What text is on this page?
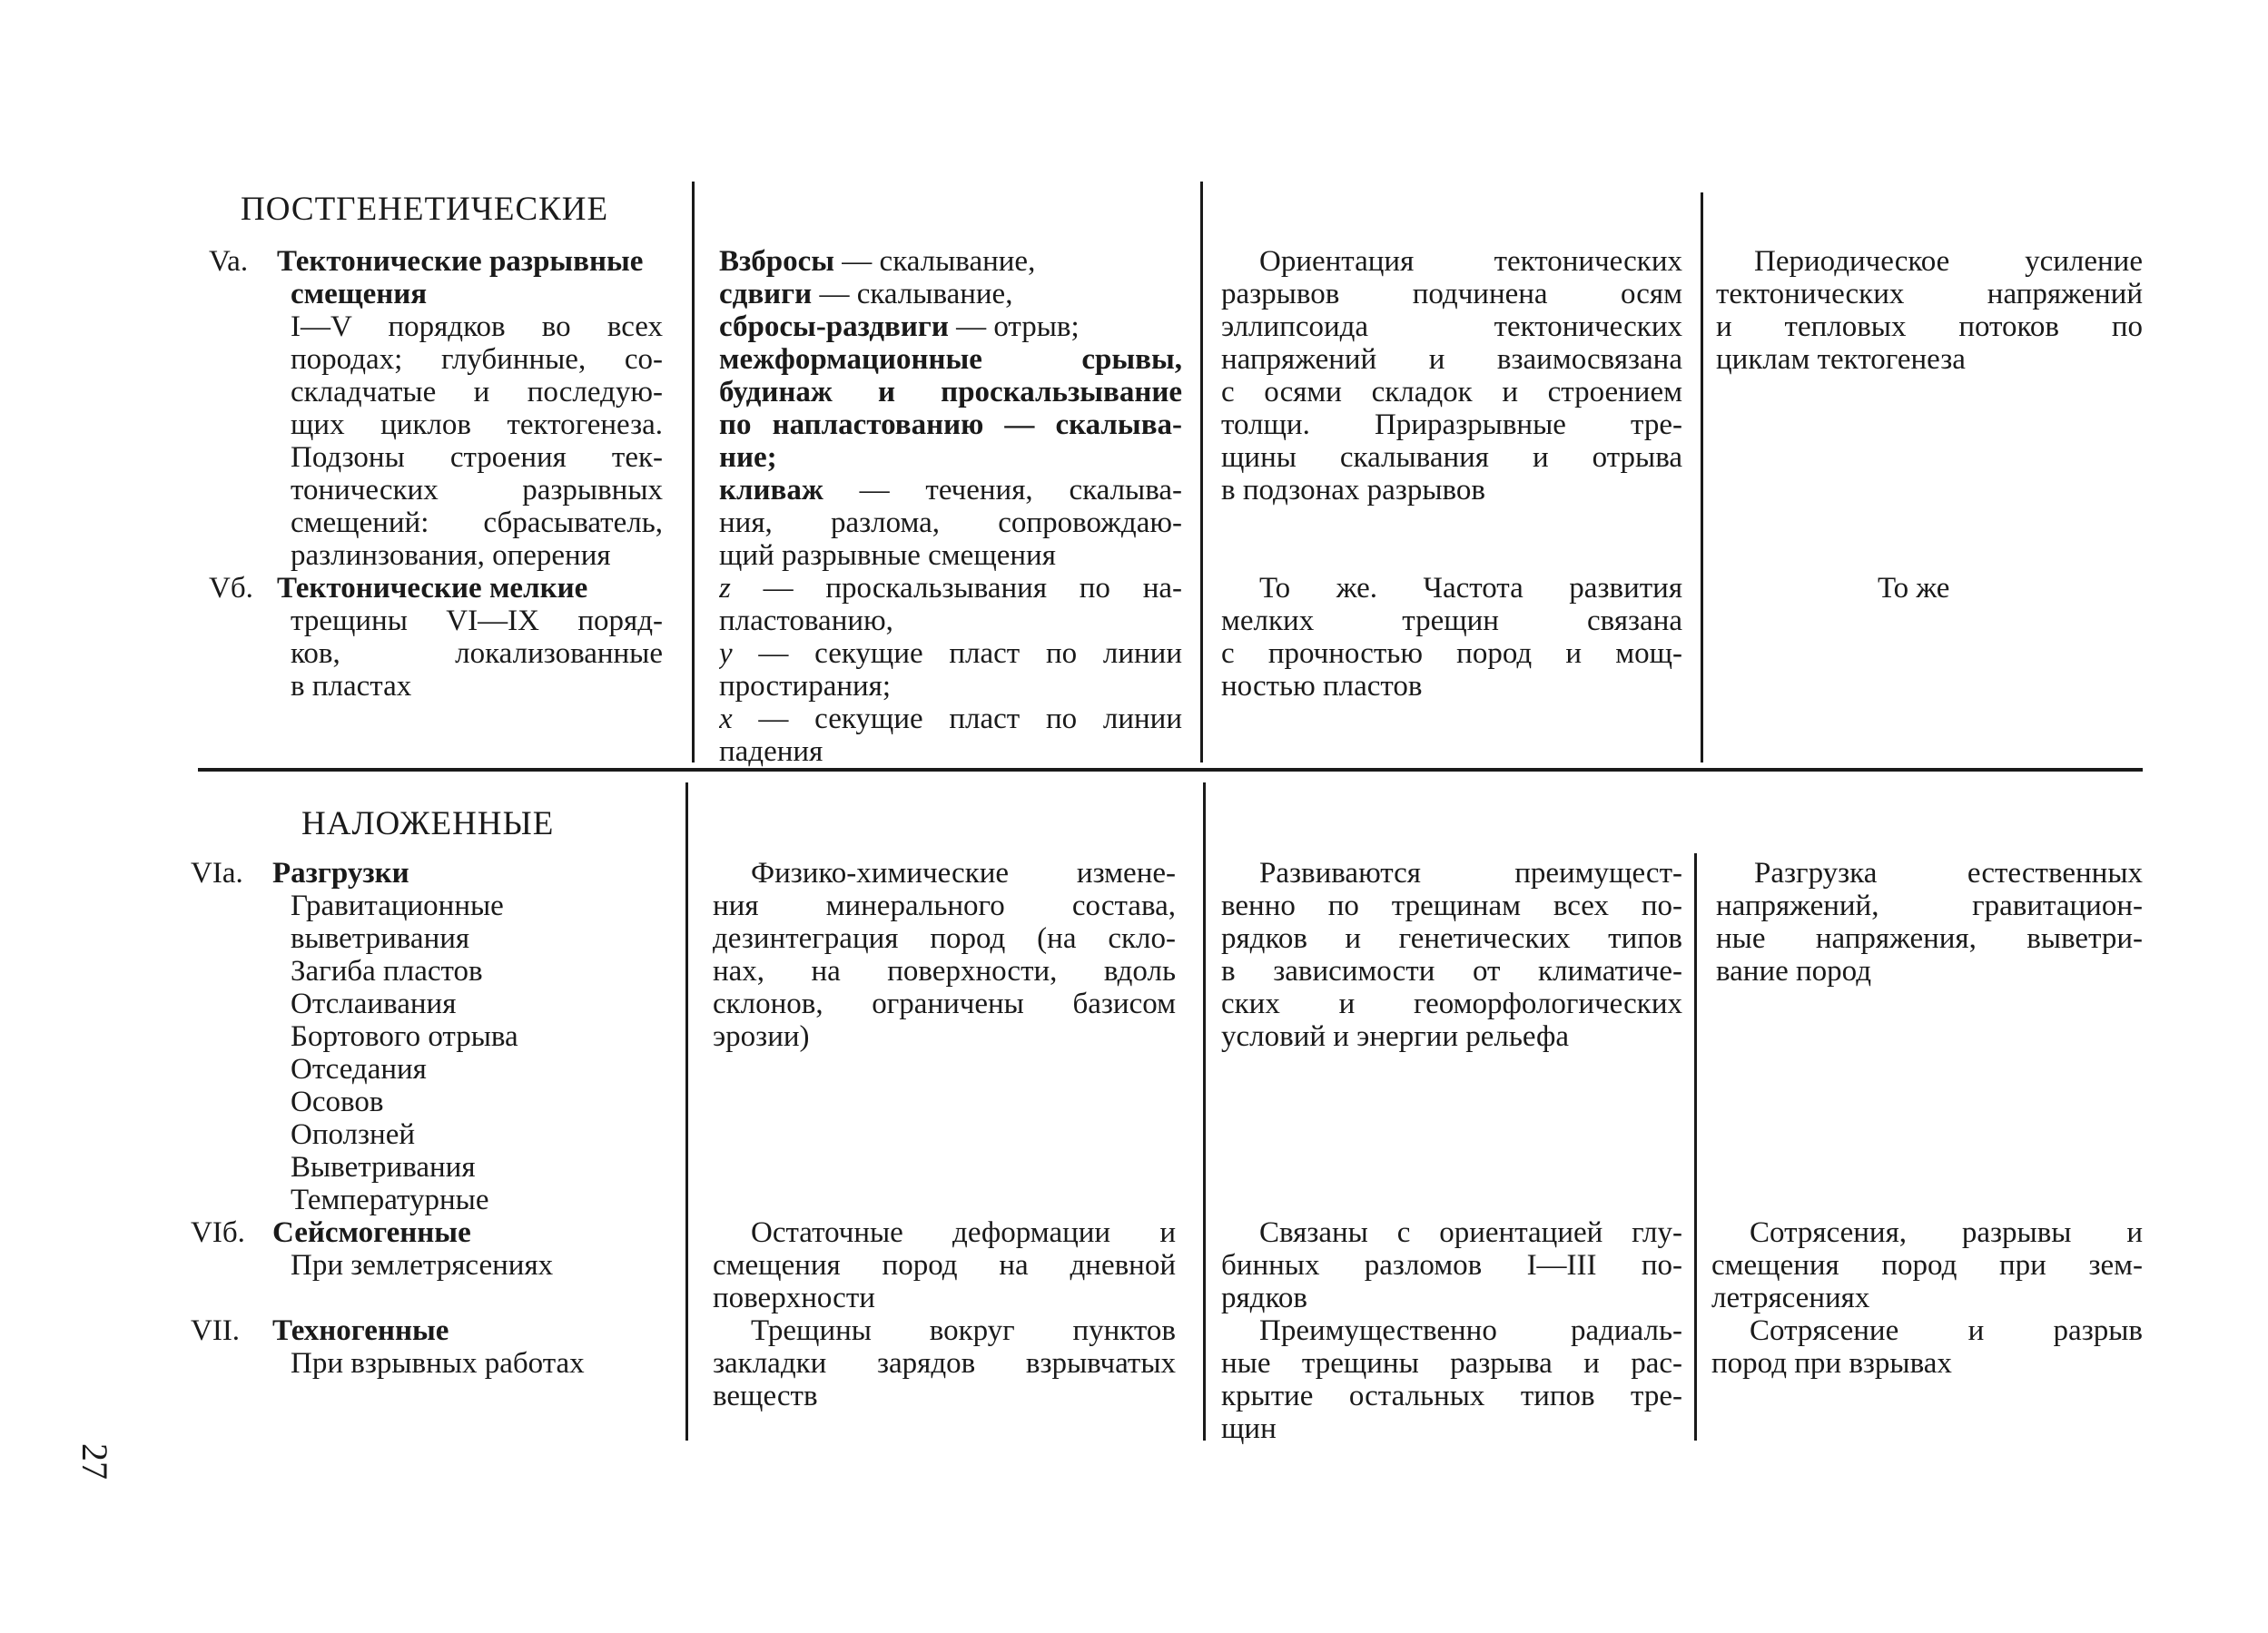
ПОСТГЕНЕТИЧЕСКИЕ
Va. Тектонические разрывные
смещения
I—V порядков во всех
породах; глубинные, со-
складчатые и последую-
щих циклов тектогенеза.
Подзоны строения тек-
тонических разрывных
смещений: сбрасыватель,
разлинзования, оперения
Взбросы — скалывание,
сдвиги — скалывание,
сбросы-раздвиги — отрыв;
межформационные срывы,
будинаж и проскальзывание
по напластованию — скалыва-
ние;
кливаж — течения, скалыва-
ния, разлома, сопровождаю-
щий разрывные смещения
Ориентация тектонических
разрывов подчинена осям
эллипсоида тектонических
напряжений и взаимосвязана
с осями складок и строением
толщи. Приразрывные тре-
щины скалывания и отрыва
в подзонах разрывов
Периодическое усиление
тектонических напряжений
и тепловых потоков по
циклам тектогенеза
Vб. Тектонические мелкие
трещины VI—IX поряд-
ков, локализованные
в пластах
z — проскальзывания по на-
пластованию,
y — секущие пласт по линии
простирания;
x — секущие пласт по линии
падения
То же. Частота развития
мелких трещин связана
с прочностью пород и мощ-
ностью пластов
То же
НАЛОЖЕННЫЕ
VIа. Разгрузки
Гравитационные
выветривания
Загиба пластов
Отслаивания
Бортового отрыва
Отседания
Осовов
Оползней
Выветривания
Температурные
Физико-химические измене-
ния минерального состава,
дезинтеграция пород (на скло-
нах, на поверхности, вдоль
склонов, ограничены базисом
эрозии)
Развиваются преимущест-
венно по трещинам всех по-
рядков и генетических типов
в зависимости от климатиче-
ских и геоморфологических
условий и энергии рельефа
Разгрузка естественных
напряжений, гравитацион-
ные напряжения, выветри-
вание пород
VIб. Сейсмогенные
При землетрясениях
Остаточные деформации и
смещения пород на дневной
поверхности
Связаны с ориентацией глу-
бинных разломов I—III по-
рядков
Сотрясения, разрывы и
смещения пород при зем-
летрясениях
VII. Техногенные
При взрывных работах
Трещины вокруг пунктов
закладки зарядов взрывчатых
веществ
Преимущественно радиаль-
ные трещины разрыва и рас-
крытие остальных типов тре-
щин
Сотрясение и разрыв
пород при взрывах
27
